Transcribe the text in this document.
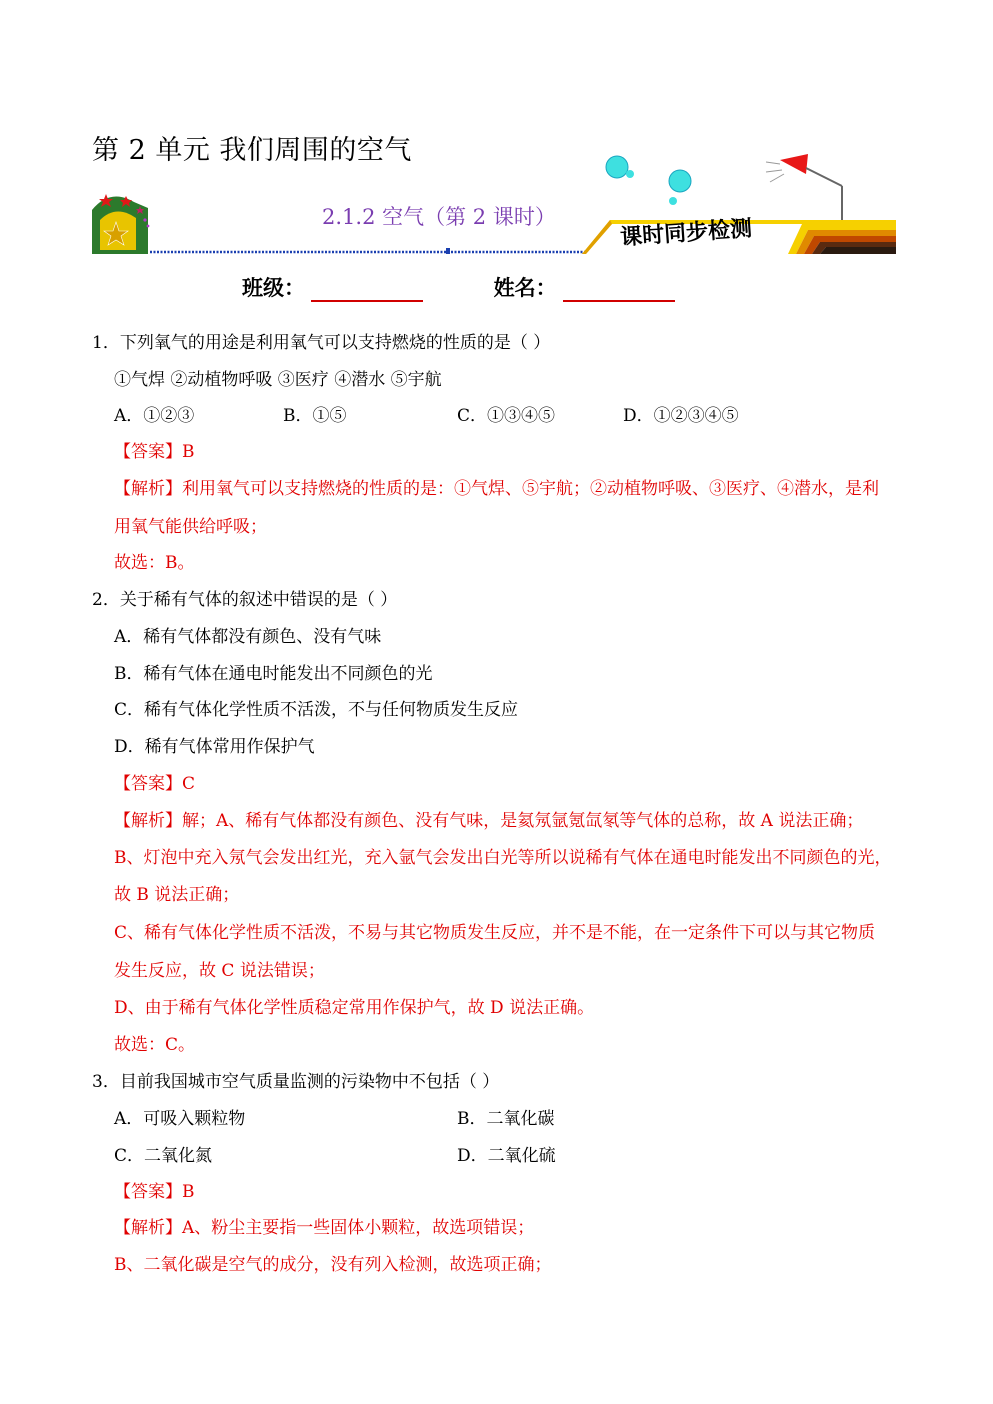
第 2 单元 我们周围的空气
2.1.2 空气（第 2 课时）	课时同步检测
班级：	姓名：
1．下列氧气的用途是利用氧气可以支持燃烧的性质的是（ ）
①气焊 ②动植物呼吸 ③医疗 ④潜水 ⑤宇航
A．①②③	B．①⑤	C．①③④⑤	D．①②③④⑤
【答案】B
【解析】利用氧气可以支持燃烧的性质的是：①气焊、⑤宇航；②动植物呼吸、③医疗、④潜水，是利
用氧气能供给呼吸；
故选：B。
2．关于稀有气体的叙述中错误的是（ ）
A．稀有气体都没有颜色、没有气味
B．稀有气体在通电时能发出不同颜色的光
C．稀有气体化学性质不活泼，不与任何物质发生反应
D．稀有气体常用作保护气
【答案】C
【解析】解；A、稀有气体都没有颜色、没有气味，是氦氖氩氪氙氡等气体的总称，故 A 说法正确；
B、灯泡中充入氖气会发出红光，充入氩气会发出白光等所以说稀有气体在通电时能发出不同颜色的光，
故 B 说法正确；
C、稀有气体化学性质不活泼，不易与其它物质发生反应，并不是不能，在一定条件下可以与其它物质
发生反应，故 C 说法错误；
D、由于稀有气体化学性质稳定常用作保护气，故 D 说法正确。
故选：C。
3．目前我国城市空气质量监测的污染物中不包括（ ）
A．可吸入颗粒物	B．二氧化碳
C．二氧化氮	D．二氧化硫
【答案】B
【解析】A、粉尘主要指一些固体小颗粒，故选项错误；
B、二氧化碳是空气的成分，没有列入检测，故选项正确；
